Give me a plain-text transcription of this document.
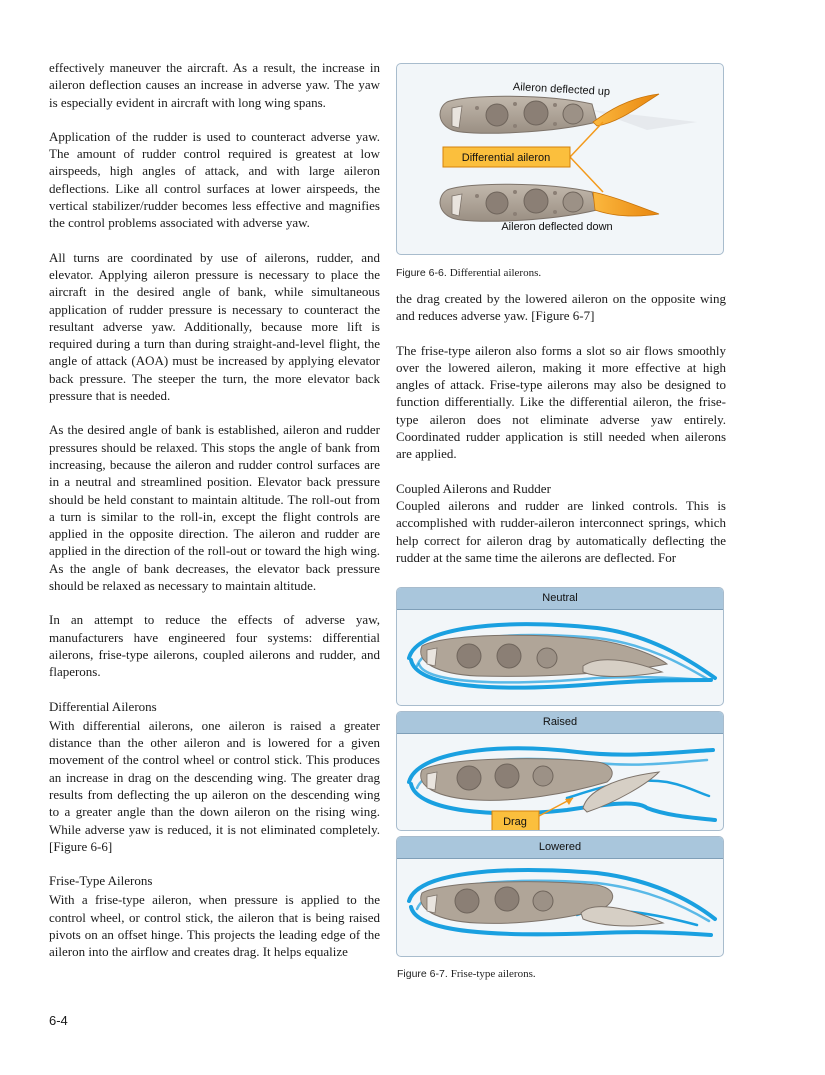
effectively maneuver the aircraft. As a result, the increase in aileron deflection causes an increase in adverse yaw. The yaw is especially evident in aircraft with long wing spans.

Application of the rudder is used to counteract adverse yaw. The amount of rudder control required is greatest at low airspeeds, high angles of attack, and with large aileron deflections. Like all control surfaces at lower airspeeds, the vertical stabilizer/rudder becomes less effective and magnifies the control problems associated with adverse yaw.

All turns are coordinated by use of ailerons, rudder, and elevator. Applying aileron pressure is necessary to place the aircraft in the desired angle of bank, while simultaneous application of rudder pressure is necessary to counteract the resultant adverse yaw. Additionally, because more lift is required during a turn than during straight-and-level flight, the angle of attack (AOA) must be increased by applying elevator back pressure. The steeper the turn, the more elevator back pressure that is needed.

As the desired angle of bank is established, aileron and rudder pressures should be relaxed. This stops the angle of bank from increasing, because the aileron and rudder control surfaces are in a neutral and streamlined position. Elevator back pressure should be held constant to maintain altitude. The roll-out from a turn is similar to the roll-in, except the flight controls are applied in the opposite direction. The aileron and rudder are applied in the direction of the roll-out or toward the high wing. As the angle of bank decreases, the elevator back pressure should be relaxed as necessary to maintain altitude.

In an attempt to reduce the effects of adverse yaw, manufacturers have engineered four systems: differential ailerons, frise-type ailerons, coupled ailerons and rudder, and flaperons.

Differential Ailerons

With differential ailerons, one aileron is raised a greater distance than the other aileron and is lowered for a given movement of the control wheel or control stick. This produces an increase in drag on the descending wing. The greater drag results from deflecting the up aileron on the descending wing to a greater angle than the down aileron on the rising wing. While adverse yaw is reduced, it is not eliminated completely. [Figure 6-6]

Frise-Type Ailerons

With a frise-type aileron, when pressure is applied to the control wheel, or control stick, the aileron that is being raised pivots on an offset hinge. This projects the leading edge of the aileron into the airflow and creates drag. It helps equalize

Aileron deflected up
Differential aileron
Aileron deflected down
Figure 6-6. Differential ailerons.

the drag created by the lowered aileron on the opposite wing and reduces adverse yaw. [Figure 6-7]

The frise-type aileron also forms a slot so air flows smoothly over the lowered aileron, making it more effective at high angles of attack. Frise-type ailerons may also be designed to function differentially. Like the differential aileron, the frise-type aileron does not eliminate adverse yaw entirely. Coordinated rudder application is still needed when ailerons are applied.

Coupled Ailerons and Rudder

Coupled ailerons and rudder are linked controls. This is accomplished with rudder-aileron interconnect springs, which help correct for aileron drag by automatically deflecting the rudder at the same time the ailerons are deflected. For

Neutral
Raised
Drag
Lowered
Figure 6-7. Frise-type ailerons.
6-4
